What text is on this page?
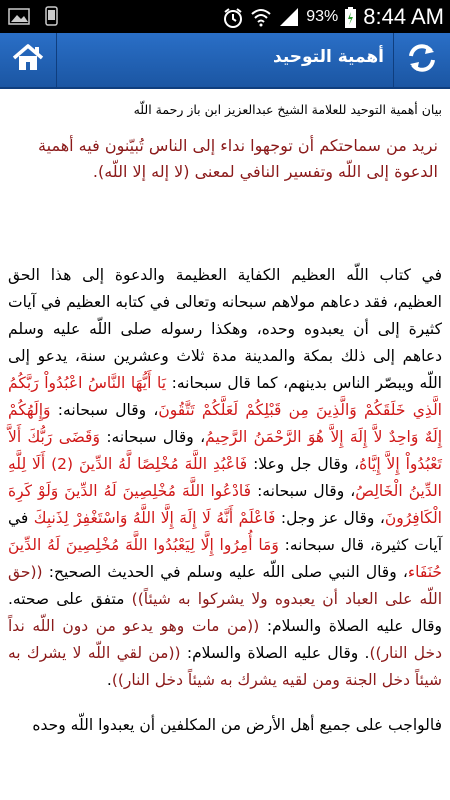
93% 8:44 AM
أهمية التوحيد
بيان أهمية التوحيد للعلامة الشيخ عبدالعزيز ابن باز رحمة اللّه
نريد من سماحتكم أن توجهوا نداء إلى الناس تُبيّنون فيه أهمية الدعوة إلى اللّه وتفسير النافي لمعنى (لا إله إلا اللّه).
في كتاب اللّه العظيم الكفاية العظيمة والدعوة إلى هذا الحق العظيم، فقد دعاهم مولاهم سبحانه وتعالى في كتابه العظيم في آيات كثيرة إلى أن يعبدوه وحده، وهكذا رسوله صلى اللّه عليه وسلم دعاهم إلى ذلك بمكة والمدينة مدة ثلاث وعشرين سنة، يدعو إلى اللّه ويبصّر الناس بدينهم، كما قال سبحانه: يَا أَيُّهَا النَّاسُ اعْبُدُواْ رَبَّكُمُ الَّذِي خَلَقَكُمْ وَالَّذِينَ مِن قَبْلِكُمْ لَعَلَّكُمْ تَتَّقُونَ، وقال سبحانه: وَإِلَهُكُمْ إِلَهٌ وَاحِدٌ لاَّ إِلَهَ إِلاَّ هُوَ الرَّحْمَنُ الرَّحِيمُ، وقال سبحانه: وَقَضَى رَبُّكَ أَلاَّ تَعْبُدُواْ إِلاَّ إِيَّاهُ، وقال جل وعلا: فَاعْبُدِ اللَّهَ مُخْلِصًا لَّهُ الدِّينَ (2) أَلَا لِلَّهِ الدِّينُ الْخَالِصُ، وقال سبحانه: فَادْعُوا اللَّهَ مُخْلِصِينَ لَهُ الدِّينَ وَلَوْ كَرِهَ الْكَافِرُونَ، وقال عز وجل: فَاعْلَمْ أَنَّهُ لَا إِلَهَ إِلَّا اللَّهُ وَاسْتَغْفِرْ لِذَنبِكَ في آيات كثيرة، قال سبحانه: وَمَا أُمِرُوا إِلَّا لِيَعْبُدُوا اللَّهَ مُخْلِصِينَ لَهُ الدِّينَ حُنَفَاء، وقال النبي صلى اللّه عليه وسلم في الحديث الصحيح: ((حق اللّه على العباد أن يعبدوه ولا يشركوا به شيئاً)) متفق على صحته. وقال عليه الصلاة والسلام: ((من مات وهو يدعو من دون اللّه نداً دخل النار)). وقال عليه الصلاة والسلام: ((من لقي اللّه لا يشرك به شيئاً دخل الجنة ومن لقيه يشرك به شيئاً دخل النار)).
فالواجب على جميع أهل الأرض من المكلفين أن يعبدوا اللّه وحده
